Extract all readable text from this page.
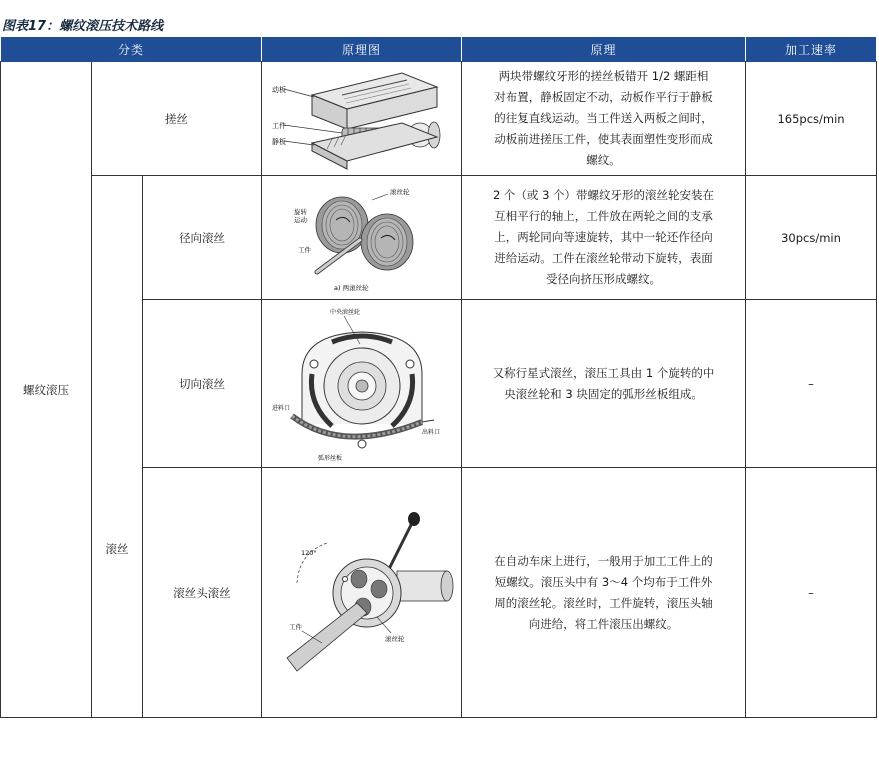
图表17：螺纹滚压技术路线
分类			原理图	原理	加工速率
螺纹滚压	搓丝		动板
工件
静板	两块带螺纹牙形的搓丝板错开 1/2 螺距相
对布置，静板固定不动，动板作平行于静板
的往复直线运动。当工件送入两板之间时，
动板前进搓压工件，使其表面塑性变形而成
螺纹。	165pcs/min
	滚丝	径向滚丝	滚丝轮
旋转
运动
工件
a) 两滚丝轮	2 个（或 3 个）带螺纹牙形的滚丝轮安装在
互相平行的轴上，工件放在两轮之间的支承
上，两轮同向等速旋转，其中一轮还作径向
进给运动。工件在滚丝轮带动下旋转，表面
受径向挤压形成螺纹。	30pcs/min
		切向滚丝	中央滚丝轮
进料口
出料口
弧形丝板	又称行星式滚丝，滚压工具由 1 个旋转的中
央滚丝轮和 3 块固定的弧形丝板组成。	–
		滚丝头滚丝	120°
工件
滚丝轮	在自动车床上进行，一般用于加工工件上的
短螺纹。滚压头中有 3～4 个均布于工件外
周的滚丝轮。滚丝时，工件旋转，滚压头轴
向进给，将工件滚压出螺纹。	–
